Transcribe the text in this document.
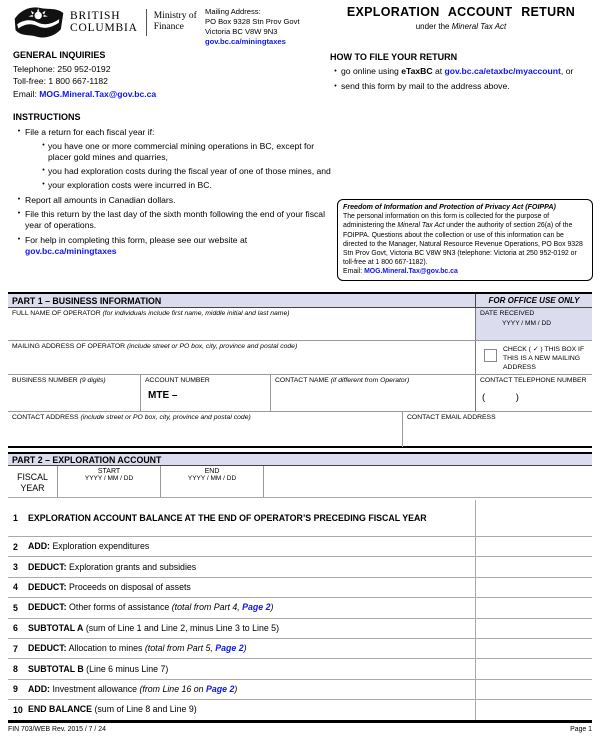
BRITISH
COLUMBIA
Ministry of
Finance
Mailing Address:
PO Box 9328 Stn Prov Govt
Victoria BC V8W 9N3
gov.bc.ca/miningtaxes
EXPLORATION ACCOUNT RETURN
under the Mineral Tax Act
GENERAL INQUIRIES
Telephone: 250 952-0192
Toll-free: 1 800 667-1182
Email: MOG.Mineral.Tax@gov.bc.ca
HOW TO FILE YOUR RETURN
• go online using eTaxBC at gov.bc.ca/etaxbc/myaccount, or
• send this form by mail to the address above.
INSTRUCTIONS
• File a return for each fiscal year if:
• you have one or more commercial mining operations in BC, except for placer gold mines and quarries,
• you had exploration costs during the fiscal year of one of those mines, and
• your exploration costs were incurred in BC.
• Report all amounts in Canadian dollars.
• File this return by the last day of the sixth month following the end of your fiscal year of operations.
• For help in completing this form, please see our website at
gov.bc.ca/miningtaxes
Freedom of Information and Protection of Privacy Act (FOIPPA)
The personal information on this form is collected for the purpose of administering the Mineral Tax Act under the authority of section 26(a) of the FOIPPA. Questions about the collection or use of this information can be directed to the Manager, Natural Resource Revenue Operations, PO Box 9328 Stn Prov Govt, Victoria BC V8W 9N3 (telephone: Victoria at 250 952-0192 or toll-free at 1 800 667-1182).
Email: MOG.Mineral.Tax@gov.bc.ca
PART 1 – BUSINESS INFORMATION	FOR OFFICE USE ONLY
FULL NAME OF OPERATOR (for individuals include first name, middle initial and last name)	DATE RECEIVED
YYYY / MM / DD
MAILING ADDRESS OF OPERATOR (include street or PO box, city, province and postal code)	CHECK ( ✓ ) THIS BOX IF THIS IS A NEW MAILING ADDRESS
BUSINESS NUMBER (9 digits)	ACCOUNT NUMBER
MTE –
CONTACT NAME (if different from Operator)	CONTACT TELEPHONE NUMBER
( )
CONTACT ADDRESS (include street or PO box, city, province and postal code)	CONTACT EMAIL ADDRESS
PART 2 – EXPLORATION ACCOUNT
FISCAL
YEAR
START
YYYY / MM / DD
END
YYYY / MM / DD
1	EXPLORATION ACCOUNT BALANCE AT THE END OF OPERATOR’S PRECEDING FISCAL YEAR
2	ADD: Exploration expenditures
3	DEDUCT: Exploration grants and subsidies
4	DEDUCT: Proceeds on disposal of assets
5	DEDUCT: Other forms of assistance (total from Part 4, Page 2)
6	SUBTOTAL A (sum of Line 1 and Line 2, minus Line 3 to Line 5)
7	DEDUCT: Allocation to mines (total from Part 5, Page 2)
8	SUBTOTAL B (Line 6 minus Line 7)
9	ADD: Investment allowance (from Line 16 on Page 2)
10 END BALANCE (sum of Line 8 and Line 9)
FIN 703/WEB Rev. 2015 / 7 / 24	Page 1
